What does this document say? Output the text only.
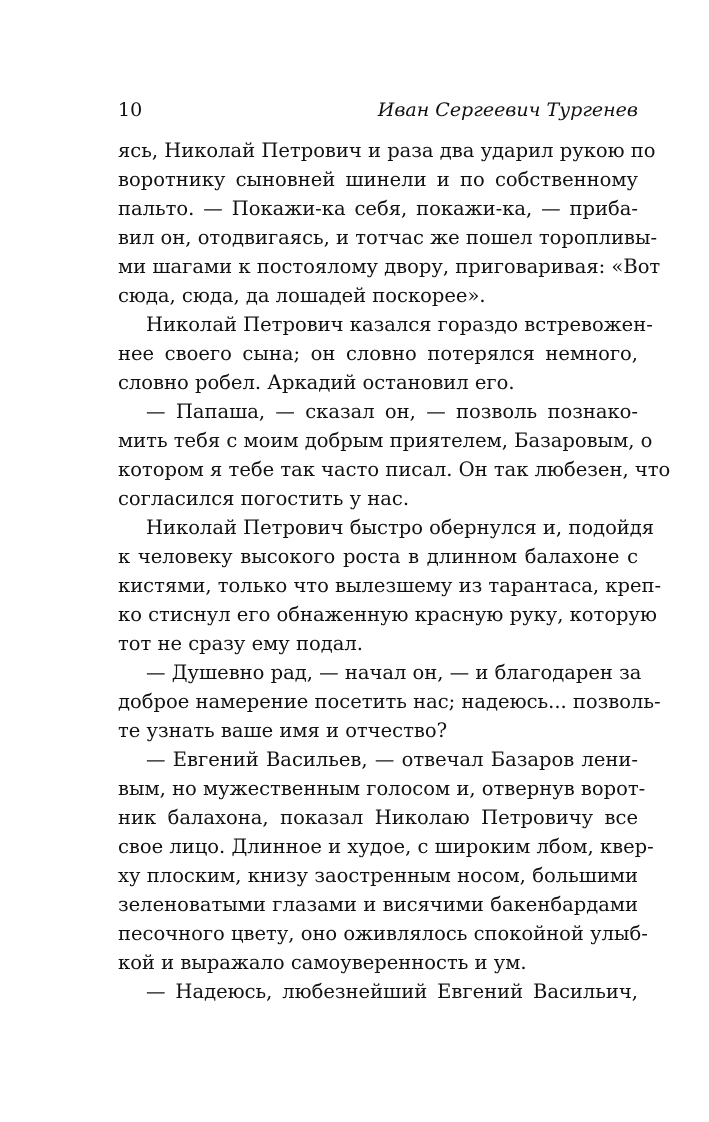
10	Иван Сергеевич Тургенев
ясь, Николай Петрович и раза два ударил рукою по
воротнику сыновней шинели и по собственному
пальто. — Покажи-ка себя, покажи-ка, — приба-
вил он, отодвигаясь, и тотчас же пошел торопливы-
ми шагами к постоялому двору, приговаривая: «Вот
сюда, сюда, да лошадей поскорее».
Николай Петрович казался гораздо встревожен-
нее своего сына; он словно потерялся немного,
словно робел. Аркадий остановил его.
— Папаша, — сказал он, — позволь познако-
мить тебя с моим добрым приятелем, Базаровым, о
котором я тебе так часто писал. Он так любезен, что
согласился погостить у нас.
Николай Петрович быстро обернулся и, подойдя
к человеку высокого роста в длинном балахоне с
кистями, только что вылезшему из тарантаса, креп-
ко стиснул его обнаженную красную руку, которую
тот не сразу ему подал.
— Душевно рад, — начал он, — и благодарен за
доброе намерение посетить нас; надеюсь... позволь-
те узнать ваше имя и отчество?
— Евгений Васильев, — отвечал Базаров лени-
вым, но мужественным голосом и, отвернув ворот-
ник балахона, показал Николаю Петровичу все
свое лицо. Длинное и худое, с широким лбом, квер-
ху плоским, книзу заостренным носом, большими
зеленоватыми глазами и висячими бакенбардами
песочного цвету, оно оживлялось спокойной улыб-
кой и выражало самоуверенность и ум.
— Надеюсь, любезнейший Евгений Васильич,
